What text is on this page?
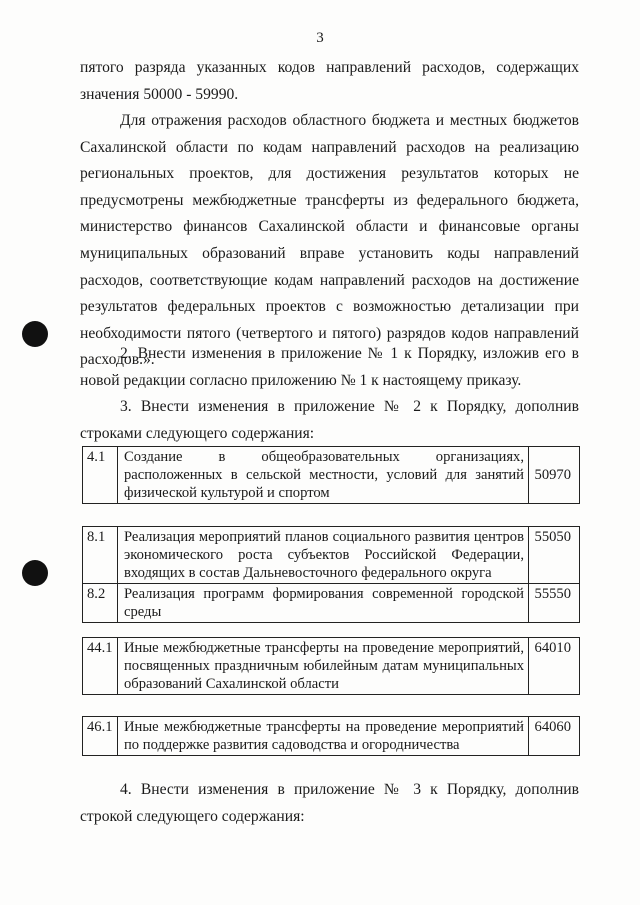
3

пятого разряда указанных кодов направлений расходов, содержащих значения 50000 - 59990.

Для отражения расходов областного бюджета и местных бюджетов Сахалинской области по кодам направлений расходов на реализацию региональных проектов, для достижения результатов которых не предусмотрены межбюджетные трансферты из федерального бюджета, министерство финансов Сахалинской области и финансовые органы муниципальных образований вправе установить коды направлений расходов, соответствующие кодам направлений расходов на достижение результатов федеральных проектов с возможностью детализации при необходимости пятого (четвертого и пятого) разрядов кодов направлений расходов.».

2. Внести изменения в приложение № 1 к Порядку, изложив его в новой редакции согласно приложению № 1 к настоящему приказу.

3. Внести изменения в приложение № 2 к Порядку, дополнив строками следующего содержания:

4.1	Создание в общеобразовательных организациях, расположенных в сельской местности, условий для занятий физической культурой и спортом	50970
8.1	Реализация мероприятий планов социального развития центров экономического роста субъектов Российской Федерации, входящих в состав Дальневосточного федерального округа	55050
8.2	Реализация программ формирования современной городской среды	55550
44.1	Иные межбюджетные трансферты на проведение мероприятий, посвященных праздничным юбилейным датам муниципальных образований Сахалинской области	64010
46.1	Иные межбюджетные трансферты на проведение мероприятий по поддержке развития садоводства и огородничества	64060

4. Внести изменения в приложение № 3 к Порядку, дополнив строкой следующего содержания:
